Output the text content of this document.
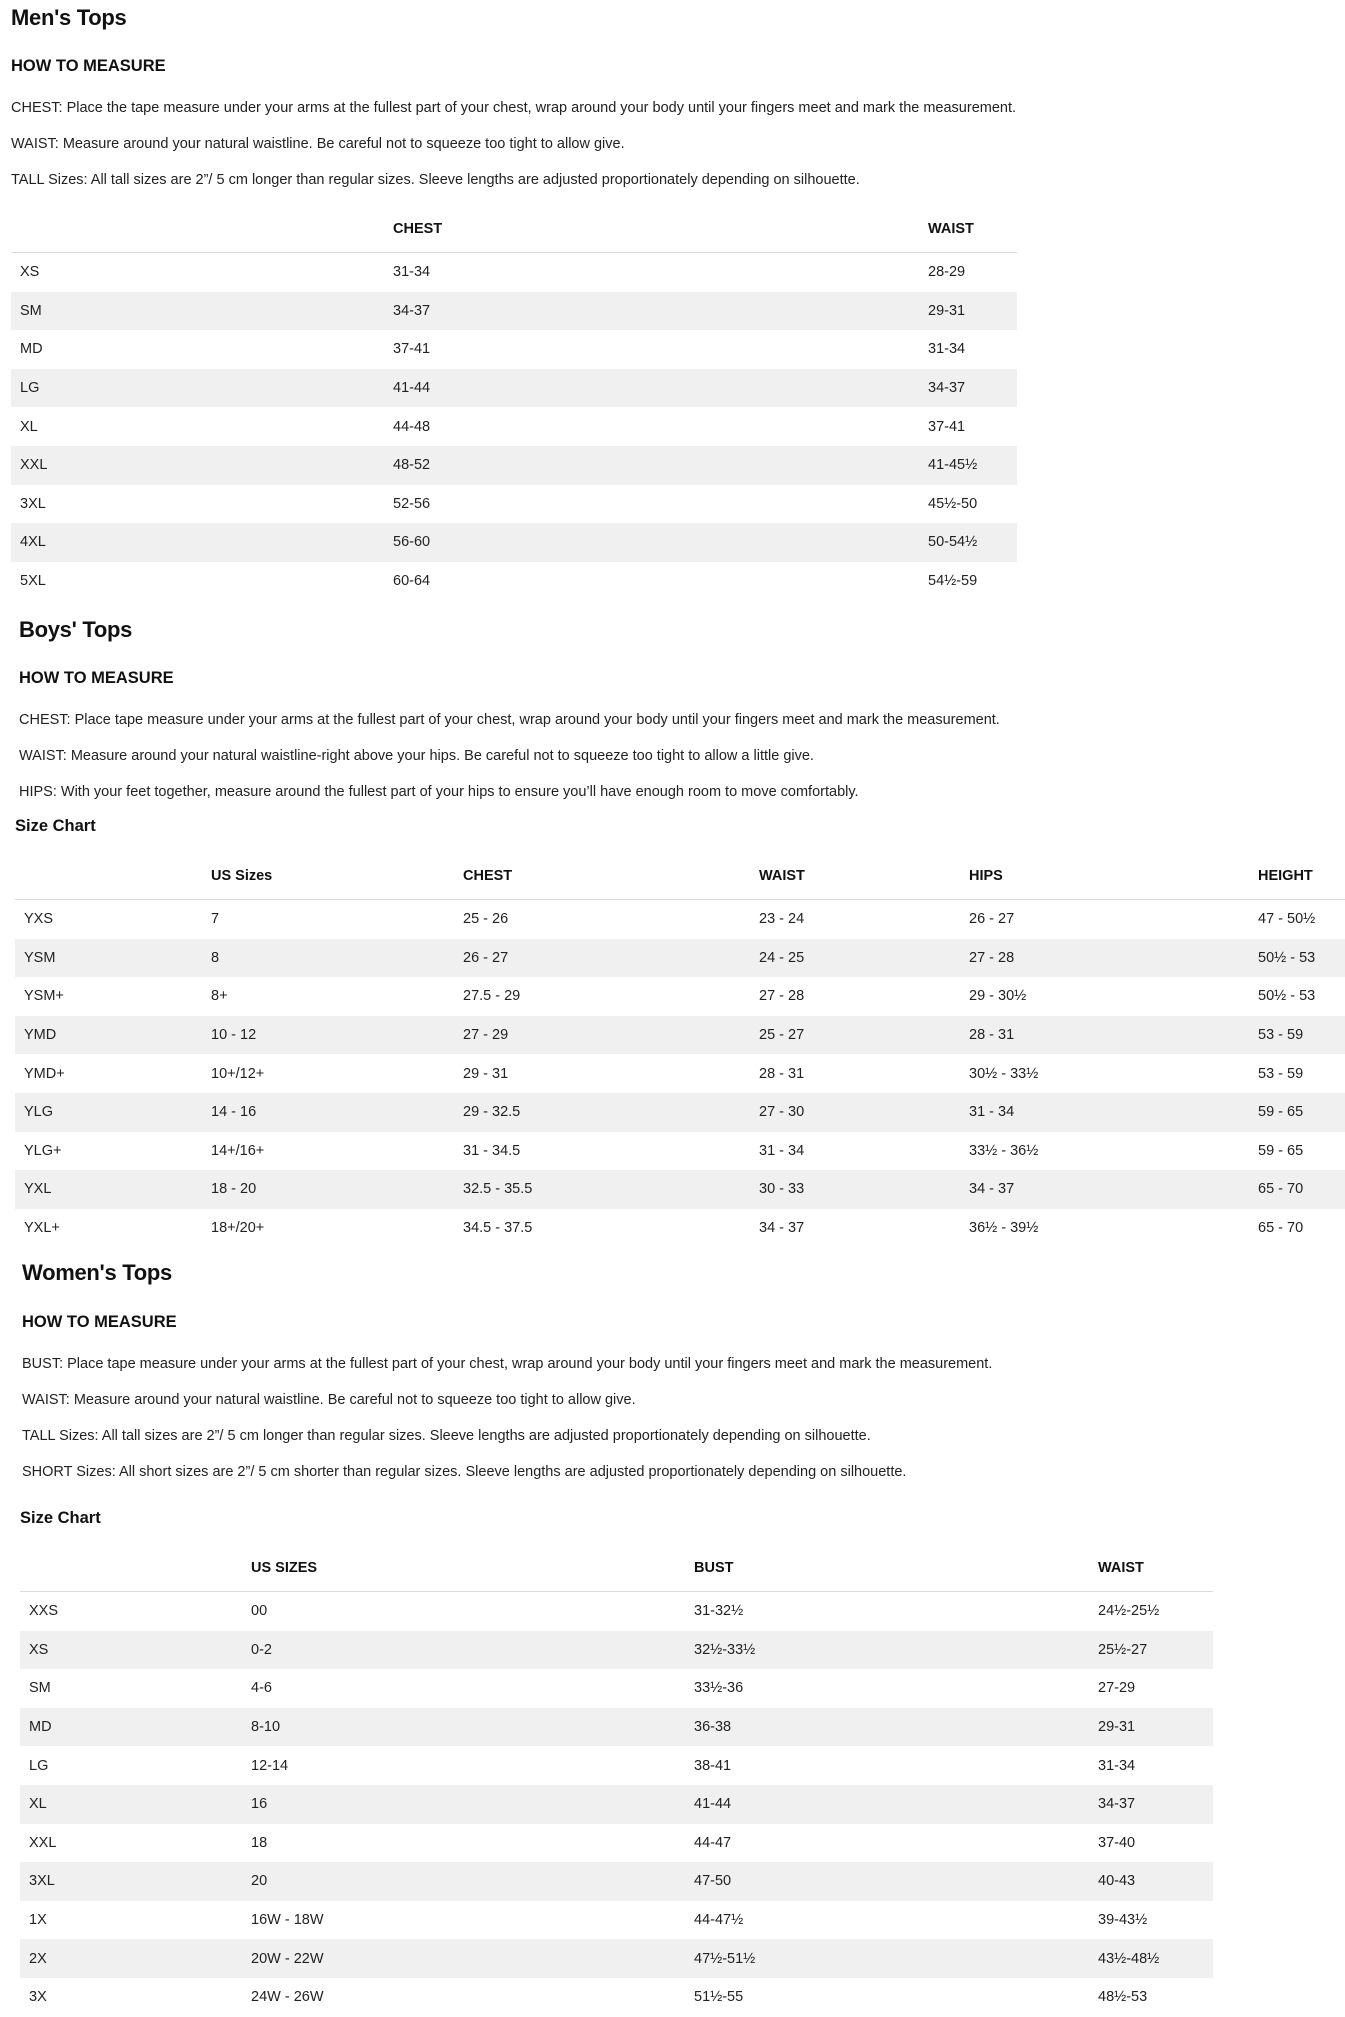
Men's Tops
HOW TO MEASURE

CHEST: Place the tape measure under your arms at the fullest part of your chest, wrap around your body until your fingers meet and mark the measurement.

WAIST: Measure around your natural waistline. Be careful not to squeeze too tight to allow give.

TALL Sizes: All tall sizes are 2”/ 5 cm longer than regular sizes. Sleeve lengths are adjusted proportionately depending on silhouette.

	CHEST	WAIST
XS	31-34	28-29
SM	34-37	29-31
MD	37-41	31-34
LG	41-44	34-37
XL	44-48	37-41
XXL	48-52	41-45½
3XL	52-56	45½-50
4XL	56-60	50-54½
5XL	60-64	54½-59
Boys' Tops
HOW TO MEASURE

CHEST: Place tape measure under your arms at the fullest part of your chest, wrap around your body until your fingers meet and mark the measurement.

WAIST: Measure around your natural waistline-right above your hips. Be careful not to squeeze too tight to allow a little give.

HIPS: With your feet together, measure around the fullest part of your hips to ensure you’ll have enough room to move comfortably.

Size Chart
	US Sizes	CHEST	WAIST	HIPS	HEIGHT
YXS	7	25 - 26	23 - 24	26 - 27	47 - 50½
YSM	8	26 - 27	24 - 25	27 - 28	50½ - 53
YSM+	8+	27.5 - 29	27 - 28	29 - 30½	50½ - 53
YMD	10 - 12	27 - 29	25 - 27	28 - 31	53 - 59
YMD+	10+/12+	29 - 31	28 - 31	30½ - 33½	53 - 59
YLG	14 - 16	29 - 32.5	27 - 30	31 - 34	59 - 65
YLG+	14+/16+	31 - 34.5	31 - 34	33½ - 36½	59 - 65
YXL	18 - 20	32.5 - 35.5	30 - 33	34 - 37	65 - 70
YXL+	18+/20+	34.5 - 37.5	34 - 37	36½ - 39½	65 - 70
Women's Tops
HOW TO MEASURE

BUST: Place tape measure under your arms at the fullest part of your chest, wrap around your body until your fingers meet and mark the measurement.

WAIST: Measure around your natural waistline. Be careful not to squeeze too tight to allow give.

TALL Sizes: All tall sizes are 2”/ 5 cm longer than regular sizes. Sleeve lengths are adjusted proportionately depending on silhouette.

SHORT Sizes: All short sizes are 2”/ 5 cm shorter than regular sizes. Sleeve lengths are adjusted proportionately depending on silhouette.

Size Chart
	US SIZES	BUST	WAIST
XXS	00	31-32½	24½-25½
XS	0-2	32½-33½	25½-27
SM	4-6	33½-36	27-29
MD	8-10	36-38	29-31
LG	12-14	38-41	31-34
XL	16	41-44	34-37
XXL	18	44-47	37-40
3XL	20	47-50	40-43
1X	16W - 18W	44-47½	39-43½
2X	20W - 22W	47½-51½	43½-48½
3X	24W - 26W	51½-55	48½-53
